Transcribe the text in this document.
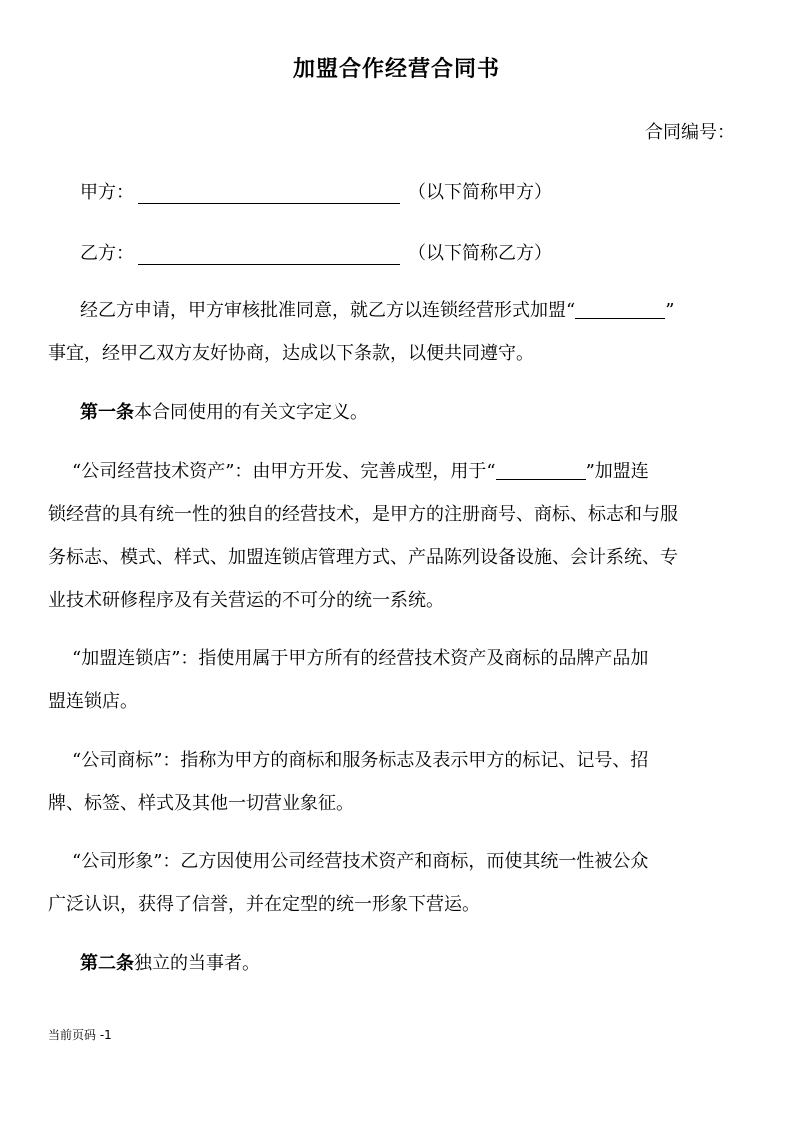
加盟合作经营合同书
合同编号：
甲方：	（以下简称甲方）
乙方：	（以下简称乙方）
经乙方申请，甲方审核批准同意，就乙方以连锁经营形式加盟“	”
事宜，经甲乙双方友好协商，达成以下条款，以便共同遵守。
第一条本合同使用的有关文字定义。
“公司经营技术资产”：由甲方开发、完善成型，用于“	”加盟连
锁经营的具有统一性的独自的经营技术，是甲方的注册商号、商标、标志和与服
务标志、模式、样式、加盟连锁店管理方式、产品陈列设备设施、会计系统、专
业技术研修程序及有关营运的不可分的统一系统。
“加盟连锁店”：指使用属于甲方所有的经营技术资产及商标的品牌产品加
盟连锁店。
“公司商标”：指称为甲方的商标和服务标志及表示甲方的标记、记号、招
牌、标签、样式及其他一切营业象征。
“公司形象”：乙方因使用公司经营技术资产和商标，而使其统一性被公众
广泛认识，获得了信誉，并在定型的统一形象下营运。
第二条独立的当事者。
当前页码 -1
